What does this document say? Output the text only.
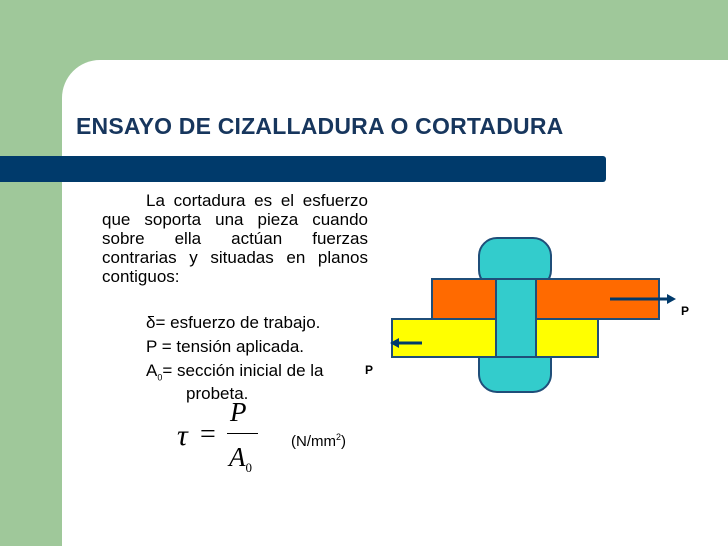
ENSAYO DE CIZALLADURA O CORTADURA
La cortadura es el esfuerzo que soporta una pieza cuando sobre ella actúan fuerzas contrarias y situadas en planos contiguos:
δ= esfuerzo de trabajo.
P = tensión aplicada.
$A_0=$ sección inicial de la
probeta.
τ =
P
$A_0$
$(N/mm^2)$
P
P
